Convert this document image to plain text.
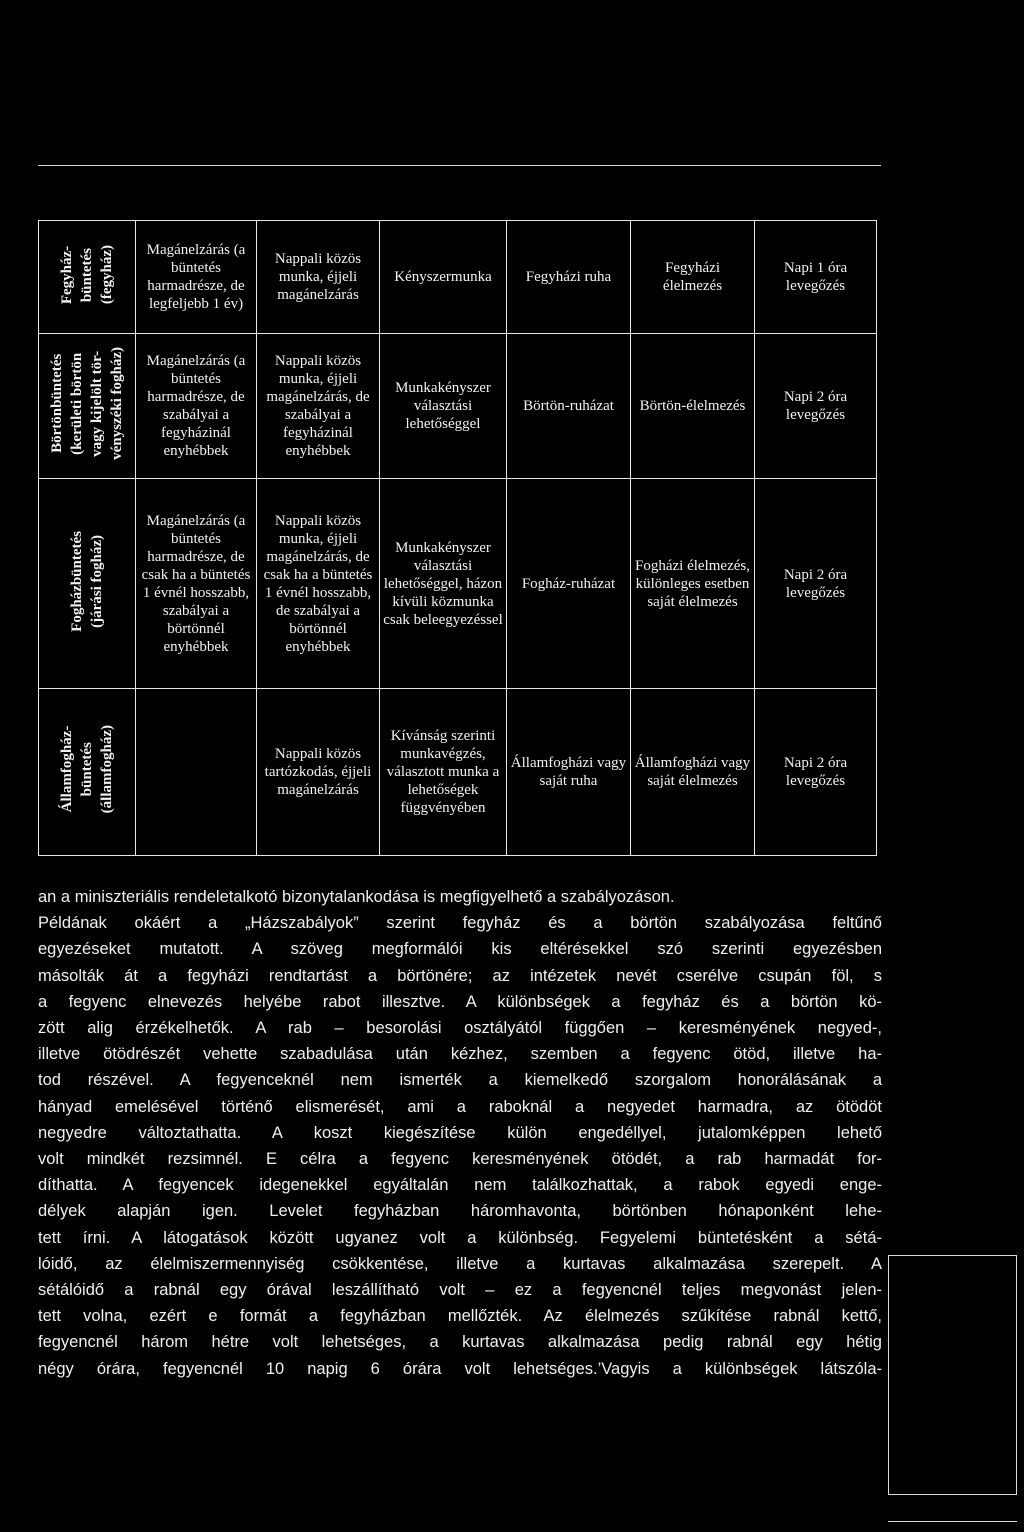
Fegyház- büntetés (fegyház)	Magánelzárás (a büntetés harmadrésze, de legfeljebb 1 év)	Nappali közös munka, éjjeli magánelzárás	Kényszermunka	Fegyházi ruha	Fegyházi élelmezés	Napi 1 óra levegőzés

Börtönbüntetés (kerületi börtön vagy kijelölt tör- vényszéki fogház)	Magánelzárás (a büntetés harmadrésze, de szabályai a fegyházinál enyhébbek	Nappali közös munka, éjjeli magánelzárás, de szabályai a fegyházinál enyhébbek	Munkakényszer választási lehetőséggel	Börtön-ruházat	Börtön-élelmezés	Napi 2 óra levegőzés

Fogházbüntetés (járási fogház)	Magánelzárás (a büntetés harmadrésze, de csak ha a büntetés 1 évnél hosszabb, szabályai a börtönnél enyhébbek	Nappali közös munka, éjjeli magánelzárás, de csak ha a büntetés 1 évnél hosszabb, de szabályai a börtönnél enyhébbek	Munkakényszer választási lehetőséggel, házon kívüli közmunka csak beleegyezéssel	Fogház-ruházat	Fogházi élelmezés, különleges esetben saját élelmezés	Napi 2 óra levegőzés

Államfogház- büntetés (államfogház)		Nappali közös tartózkodás, éjjeli magánelzárás	Kívánság szerinti munkavégzés, választott munka a lehetőségek függvényében	Államfogházi vagy saját ruha	Államfogházi vagy saját élelmezés	Napi 2 óra levegőzés
an a miniszteriális rendeletalkotó bizonytalankodása is megfigyelhető a szabályozáson.
Példának okáért a „Házszabályok” szerint fegyház és a börtön szabályozása feltűnő
egyezéseket mutatott. A szöveg megformálói kis eltérésekkel szó szerinti egyezésben
másolták át a fegyházi rendtartást a börtönére; az intézetek nevét cserélve csupán föl, s
a fegyenc elnevezés helyébe rabot illesztve. A különbségek a fegyház és a börtön kö-
zött alig érzékelhetők. A rab – besorolási osztályától függően – keresményének negyed-,
illetve ötödrészét vehette szabadulása után kézhez, szemben a fegyenc ötöd, illetve ha-
tod részével. A fegyenceknél nem ismerték a kiemelkedő szorgalom honorálásának a
hányad emelésével történő elismerését, ami a raboknál a negyedet harmadra, az ötödöt
negyedre változtathatta. A koszt kiegészítése külön engedéllyel, jutalomképpen lehető
volt mindkét rezsimnél. E célra a fegyenc keresményének ötödét, a rab harmadát for-
díthatta. A fegyencek idegenekkel egyáltalán nem találkozhattak, a rabok egyedi enge-
délyek alapján igen. Levelet fegyházban háromhavonta, börtönben hónaponként lehe-
tett írni. A látogatások között ugyanez volt a különbség. Fegyelemi büntetésként a sétá-
lóidő, az élelmiszermennyiség csökkentése, illetve a kurtavas alkalmazása szerepelt. A
sétálóidő a rabnál egy órával leszállítható volt – ez a fegyencnél teljes megvonást jelen-
tett volna, ezért e formát a fegyházban mellőzték. Az élelmezés szűkítése rabnál kettő,
fegyencnél három hétre volt lehetséges, a kurtavas alkalmazása pedig rabnál egy hétig
négy órára, fegyencnél 10 napig 6 órára volt lehetséges.’Vagyis a különbségek látszóla-
